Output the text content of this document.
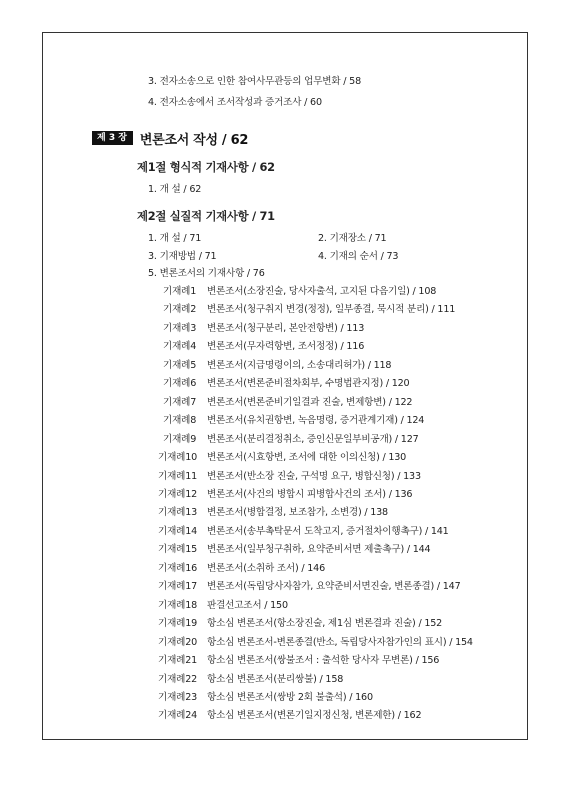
3. 전자소송으로 인한 참여사무관등의 업무변화 / 58
4. 전자소송에서 조서작성과 증거조사 / 60
제 3 장	변론조서 작성 / 62
제1절 형식적 기재사항 / 62
1. 개 설 / 62
제2절 실질적 기재사항 / 71
1. 개 설 / 71	2. 기재장소 / 71
3. 기재방법 / 71	4. 기재의 순서 / 73
5. 변론조서의 기재사항 / 76
기재례1 변론조서(소장진술, 당사자출석, 고지된 다음기일) / 108
기재례2 변론조서(청구취지 변경(정정), 일부종결, 묵시적 분리) / 111
기재례3 변론조서(청구분리, 본안전항변) / 113
기재례4 변론조서(무자력항변, 조서정정) / 116
기재례5 변론조서(지급명령이의, 소송대리허가) / 118
기재례6 변론조서(변론준비절차회부, 수명법관지정) / 120
기재례7 변론조서(변론준비기일결과 진술, 변제항변) / 122
기재례8 변론조서(유치권항변, 녹음명령, 증거관계기재) / 124
기재례9 변론조서(분리결정취소, 증인신문일부비공개) / 127
기재례10 변론조서(시효항변, 조서에 대한 이의신청) / 130
기재례11 변론조서(반소장 진술, 구석명 요구, 병합신청) / 133
기재례12 변론조서(사건의 병합시 피병합사건의 조서) / 136
기재례13 변론조서(병합결정, 보조참가, 소변경) / 138
기재례14 변론조서(송부촉탁문서 도착고지, 증거절차이행촉구) / 141
기재례15 변론조서(일부청구취하, 요약준비서면 제출촉구) / 144
기재례16 변론조서(소취하 조서) / 146
기재례17 변론조서(독립당사자참가, 요약준비서면진술, 변론종결) / 147
기재례18 판결선고조서 / 150
기재례19 항소심 변론조서(항소장진술, 제1심 변론결과 진술) / 152
기재례20 항소심 변론조서-변론종결(반소, 독립당사자참가인의 표시) / 154
기재례21 항소심 변론조서(쌍불조서 : 출석한 당사자 무변론) / 156
기재례22 항소심 변론조서(분리쌍불) / 158
기재례23 항소심 변론조서(쌍방 2회 불출석) / 160
기재례24 항소심 변론조서(변론기일지정신청, 변론제한) / 162
